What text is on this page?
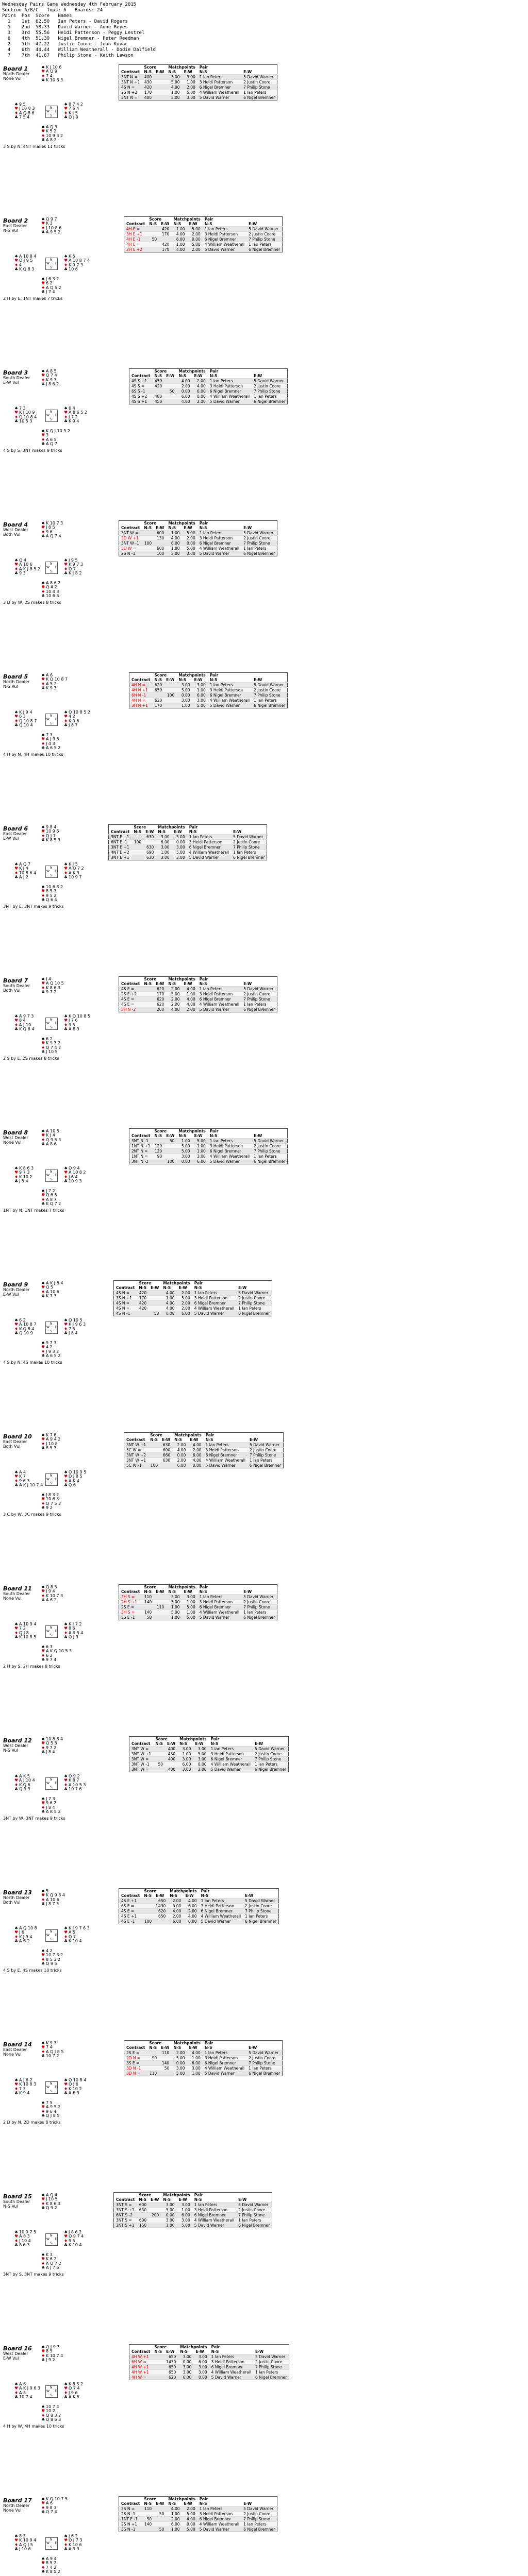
Wednesday Pairs Game Wednesday 4th February 2015
Section A/B/C   Tops: 6   Boards: 24
Pairs  Pos  Score   Names
1    1st  62.50   Ian Peters - David Rogers
5    2nd  58.33   David Warner - Anne Reyes
3    3rd  55.56   Heidi Patterson - Peggy Lestrel
6    4th  51.39   Nigel Bremner - Peter Reedman
2    5th  47.22   Justin Coore - Jean Kovac
4    6th  44.44   William Weatherall - Dodie Dalfield
7    7th  41.67   Philip Stone - Keith Lawson
Board 1
North Dealer
None Vul
♠ K J 10 6
♥ A Q 9
♦ 7 4
♣ K 10 6 3
♠ 9 5
♥ J 10 8 3
♦ A Q 8 6
♣ 7 5 4
♠ 8 7 4 2
♥ 7 6 4
♦ K J 5
♣ Q J 9
♠ A Q 3
♥ K 5 2
♦ 10 9 3 2
♣ A 8 2
N
W E
S
3 S by N, 4NT makes 11 tricks
	Score		Matchpoints		Pair	
Contract	N-S	E-W	N-S	E-W	N-S	E-W
3NT N =	400		3.00	3.00	1 Ian Peters	5 David Warner
3NT N +1	430		5.00	1.00	3 Heidi Patterson	2 Justin Coore
4S N =	420		4.00	2.00	6 Nigel Bremner	7 Philip Stone
2S N +2	170		1.00	5.00	4 William Weatherall	1 Ian Peters
3NT N =	400		3.00	3.00	5 David Warner	6 Nigel Bremner
Board 2
East Dealer
N-S Vul
♠ Q 9 7
♥ K 3
♦ J 10 8 6
♣ A 9 5 2
♠ A 10 8 4
♥ Q J 9 5
♦ 4
♣ K Q 8 3
♠ K 5
♥ A 10 8 7 4
♦ K 9 7 3
♣ 10 6
♠ J 6 3 2
♥ 6 2
♦ A Q 5 2
♣ J 7 4
N
W E
S
2 H by E, 1NT makes 7 tricks
	Score		Matchpoints		Pair	
Contract	N-S	E-W	N-S	E-W	N-S	E-W
4H E =		420	1.00	5.00	1 Ian Peters	5 David Warner
3H E +1		170	4.00	2.00	3 Heidi Patterson	2 Justin Coore
4H E -1	50		6.00	0.00	6 Nigel Bremner	7 Philip Stone
4H E =		420	1.00	5.00	4 William Weatherall	1 Ian Peters
2H E +2		170	4.00	2.00	5 David Warner	6 Nigel Bremner
Board 3
South Dealer
E-W Vul
♠ A 8 5
♥ Q 7 4
♦ K 9 3
♣ J 8 6 2
♠ 7 3
♥ K J 10 9
♦ Q 10 8 4
♣ 10 5 3
♠ 6 4
♥ A 8 6 5 2
♦ J 7 2
♣ K 9 4
♠ K Q J 10 9 2
♥ 3
♦ A 6 5
♣ A Q 7
N
W E
S
4 S by S, 3NT makes 9 tricks
	Score		Matchpoints		Pair	
Contract	N-S	E-W	N-S	E-W	N-S	E-W
4S S +1	450		4.00	2.00	1 Ian Peters	5 David Warner
4S S =	420		2.00	4.00	3 Heidi Patterson	2 Justin Coore
6S S -1		50	0.00	6.00	6 Nigel Bremner	7 Philip Stone
4S S +2	480		6.00	0.00	4 William Weatherall	1 Ian Peters
4S S +1	450		4.00	2.00	5 David Warner	6 Nigel Bremner
Board 4
West Dealer
Both Vul
♠ K 10 7 3
♥ J 8 5
♦ 9 6
♣ A Q 7 4
♠ Q 4
♥ A 10 6
♦ A K J 8 5 2
♣ 9 3
♠ J 9 5
♥ K 9 7 3
♦ Q 7
♣ K J 8 2
♠ A 8 6 2
♥ Q 4 2
♦ 10 4 3
♣ 10 6 5
N
W E
S
3 D by W, 2S makes 8 tricks
	Score		Matchpoints		Pair	
Contract	N-S	E-W	N-S	E-W	N-S	E-W
3NT W =		600	1.00	5.00	1 Ian Peters	5 David Warner
3D W +1		130	4.00	2.00	3 Heidi Patterson	2 Justin Coore
3NT W -1	100		6.00	0.00	6 Nigel Bremner	7 Philip Stone
5D W =		600	1.00	5.00	4 William Weatherall	1 Ian Peters
2S N -1		100	3.00	3.00	5 David Warner	6 Nigel Bremner
Board 5
North Dealer
N-S Vul
♠ A 6
♥ K Q 10 8 7
♦ A 5 2
♣ K 9 3
♠ K J 9 4
♥ 6 3
♦ Q 10 8 7
♣ Q 10 4
♠ Q 10 8 5 2
♥ 4 2
♦ K 9 6
♣ J 8 7
♠ 7 3
♥ A J 9 5
♦ J 4 3
♣ A 6 5 2
N
W E
S
4 H by N, 4H makes 10 tricks
	Score		Matchpoints		Pair	
Contract	N-S	E-W	N-S	E-W	N-S	E-W
4H N =	620		3.00	3.00	1 Ian Peters	5 David Warner
4H N +1	650		5.00	1.00	3 Heidi Patterson	2 Justin Coore
6H N -1		100	0.00	6.00	6 Nigel Bremner	7 Philip Stone
4H N =	620		3.00	3.00	4 William Weatherall	1 Ian Peters
3H N +1	170		1.00	5.00	5 David Warner	6 Nigel Bremner
Board 6
East Dealer
E-W Vul
♠ 9 8 4
♥ 10 9 6
♦ Q J 7
♣ K 8 5 3
♠ A Q 7
♥ K J 4
♦ 10 8 6 4
♣ A J 2
♠ K J 5
♥ A Q 7 2
♦ A K 3
♣ 10 9 7
♠ 10 6 3 2
♥ 8 5 3
♦ 9 5 2
♣ Q 6 4
N
W E
S
3NT by E, 3NT makes 9 tricks
	Score		Matchpoints		Pair	
Contract	N-S	E-W	N-S	E-W	N-S	E-W
3NT E +1		630	3.00	3.00	1 Ian Peters	5 David Warner
6NT E -1	100		6.00	0.00	3 Heidi Patterson	2 Justin Coore
3NT E +1		630	3.00	3.00	6 Nigel Bremner	7 Philip Stone
4NT E +2		690	1.00	5.00	4 William Weatherall	1 Ian Peters
3NT E +1		630	3.00	3.00	5 David Warner	6 Nigel Bremner
Board 7
South Dealer
Both Vul
♠ J 4
♥ A Q 10 5
♦ K 8 6 3
♣ 9 7 2
♠ A 9 7 3
♥ 8 4
♦ A J 10
♣ K Q 6 4
♠ K Q 10 8 5
♥ J 7 6
♦ 9 5
♣ A 8 3
♠ 6 2
♥ K 9 3 2
♦ Q 7 4 2
♣ J 10 5
N
W E
S
2 S by E, 2S makes 8 tricks
	Score		Matchpoints		Pair	
Contract	N-S	E-W	N-S	E-W	N-S	E-W
4S E =		620	2.00	4.00	1 Ian Peters	5 David Warner
2S E +2		170	5.00	1.00	3 Heidi Patterson	2 Justin Coore
4S E =		620	2.00	4.00	6 Nigel Bremner	7 Philip Stone
4S E =		620	2.00	4.00	4 William Weatherall	1 Ian Peters
3H N -2		200	4.00	2.00	5 David Warner	6 Nigel Bremner
Board 8
West Dealer
None Vul
♠ A 10 5
♥ K J 4
♦ Q 9 5 3
♣ A 8 6
♠ K 8 6 3
♥ 9 7 3
♦ K 10 2
♣ J 5 4
♠ Q 9 4
♥ A 10 8 2
♦ J 6 4
♣ 10 9 3
♠ J 7 2
♥ Q 6 5
♦ A 8 7
♣ K Q 7 2
N
W E
S
1NT by N, 1NT makes 7 tricks
	Score		Matchpoints		Pair	
Contract	N-S	E-W	N-S	E-W	N-S	E-W
3NT N -1		50	1.00	5.00	1 Ian Peters	5 David Warner
1NT N +1	120		5.00	1.00	3 Heidi Patterson	2 Justin Coore
2NT N =	120		5.00	1.00	6 Nigel Bremner	7 Philip Stone
1NT N =	90		3.00	3.00	4 William Weatherall	1 Ian Peters
3NT N -2		100	0.00	6.00	5 David Warner	6 Nigel Bremner
Board 9
North Dealer
E-W Vul
♠ A K J 8 4
♥ Q 5
♦ A 10 6
♣ K 7 3
♠ 6 2
♥ A 10 8 7
♦ K Q 8 4
♣ Q 10 9
♠ Q 10 5
♥ K J 9 6 3
♦ 7 5
♣ J 8 4
♠ 9 7 3
♥ 4 2
♦ J 9 3 2
♣ A 6 5 2
N
W E
S
4 S by N, 4S makes 10 tricks
	Score		Matchpoints		Pair	
Contract	N-S	E-W	N-S	E-W	N-S	E-W
4S N =	420		4.00	2.00	1 Ian Peters	5 David Warner
3S N +1	170		1.00	5.00	3 Heidi Patterson	2 Justin Coore
4S N =	420		4.00	2.00	6 Nigel Bremner	7 Philip Stone
4S N =	420		4.00	2.00	4 William Weatherall	1 Ian Peters
4S N -1		50	0.00	6.00	5 David Warner	6 Nigel Bremner
Board 10
East Dealer
Both Vul
♠ K 7 6
♥ A 9 4 2
♦ J 10 8
♣ 8 5 3
♠ A 4
♥ K 7
♦ 9 6 3
♣ A K J 10 7 4
♠ Q 10 9 5
♥ Q J 8 5
♦ A K 4
♣ Q 6
♠ J 8 3 2
♥ 10 6 3
♦ Q 7 5 2
♣ 9 2
N
W E
S
3 C by W, 3C makes 9 tricks
	Score		Matchpoints		Pair	
Contract	N-S	E-W	N-S	E-W	N-S	E-W
3NT W +1		630	2.00	4.00	1 Ian Peters	5 David Warner
5C W =		600	4.00	2.00	3 Heidi Patterson	2 Justin Coore
3NT W +2		660	0.00	6.00	6 Nigel Bremner	7 Philip Stone
3NT W +1		630	2.00	4.00	4 William Weatherall	1 Ian Peters
5C W -1	100		6.00	0.00	5 David Warner	6 Nigel Bremner
Board 11
South Dealer
None Vul
♠ Q 8 5
♥ J 9 4
♦ K 10 7 3
♣ A 6 2
♠ A 10 9 4
♥ 7 2
♦ Q J 8
♣ K 10 8 5
♠ K J 7 2
♥ 8 6
♦ A 9 5 4
♣ Q J 3
♠ 6 3
♥ A K Q 10 5 3
♦ 6 2
♣ 9 7 4
N
W E
S
2 H by S, 2H makes 8 tricks
	Score		Matchpoints		Pair	
Contract	N-S	E-W	N-S	E-W	N-S	E-W
2H S =	110		3.00	3.00	1 Ian Peters	5 David Warner
2H S +1	140		5.00	1.00	3 Heidi Patterson	2 Justin Coore
2S E =		110	1.00	5.00	6 Nigel Bremner	7 Philip Stone
3H S =	140		5.00	1.00	4 William Weatherall	1 Ian Peters
3S E -1	50		1.00	5.00	5 David Warner	6 Nigel Bremner
Board 12
West Dealer
N-S Vul
♠ 10 8 6 4
♥ Q 5 3
♦ 9 7 2
♣ J 8 4
♠ A K 5
♥ A J 10 4
♦ K Q 6
♣ Q 9 3
♠ Q 9 2
♥ K 8 7
♦ A 10 5 3
♣ 10 7 6
♠ J 7 3
♥ 9 6 2
♦ J 8 4
♣ A K 5 2
N
W E
S
3NT by W, 3NT makes 9 tricks
	Score		Matchpoints		Pair	
Contract	N-S	E-W	N-S	E-W	N-S	E-W
3NT W =		400	3.00	3.00	1 Ian Peters	5 David Warner
3NT W +1		430	1.00	5.00	3 Heidi Patterson	2 Justin Coore
3NT W =		400	3.00	3.00	6 Nigel Bremner	7 Philip Stone
3NT W -1	50		6.00	0.00	4 William Weatherall	1 Ian Peters
3NT W =		400	3.00	3.00	5 David Warner	6 Nigel Bremner
Board 13
North Dealer
Both Vul
♠ 5
♥ K Q 9 8 4
♦ A 10 6
♣ J 8 7 3
♠ A Q 10 8
♥ J 6
♦ K J 9 4
♣ A 6 2
♠ K J 9 7 6 3
♥ A 5
♦ Q 7
♣ K 10 4
♠ 4 2
♥ 10 7 3 2
♦ 8 5 3 2
♣ Q 9 5
N
W E
S
4 S by E, 4S makes 10 tricks
	Score		Matchpoints		Pair	
Contract	N-S	E-W	N-S	E-W	N-S	E-W
4S E +1		650	2.00	4.00	1 Ian Peters	5 David Warner
6S E =		1430	0.00	6.00	3 Heidi Patterson	2 Justin Coore
4S E =		620	4.00	2.00	6 Nigel Bremner	7 Philip Stone
4S E +1		650	2.00	4.00	4 William Weatherall	1 Ian Peters
4S E -1	100		6.00	0.00	5 David Warner	6 Nigel Bremner
Board 14
East Dealer
None Vul
♠ K 9 3
♥ 7 4
♦ A Q J 8 5
♣ 10 7 2
♠ A J 6 2
♥ K 10 8 3
♦ 7 3
♣ K 9 4
♠ Q 10 8 4
♥ Q J 6
♦ K 10 2
♣ A 6 3
♠ 7 5
♥ A 9 5 2
♦ 9 6 4
♣ Q J 8 5
N
W E
S
2 D by N, 2D makes 8 tricks
	Score		Matchpoints		Pair	
Contract	N-S	E-W	N-S	E-W	N-S	E-W
2S E =		110	2.00	4.00	1 Ian Peters	5 David Warner
2D N =	90		5.00	1.00	3 Heidi Patterson	2 Justin Coore
3S E =		140	0.00	6.00	6 Nigel Bremner	7 Philip Stone
3D N -1		50	3.00	3.00	4 William Weatherall	1 Ian Peters
3D N =	110		5.00	1.00	5 David Warner	6 Nigel Bremner
Board 15
South Dealer
N-S Vul
♠ A Q 4
♥ J 10 5
♦ K 8 6 3
♣ Q 9 2
♠ 10 9 7 5
♥ A 8 3
♦ J 10 4
♣ 8 6 3
♠ J 8 6 2
♥ Q 9 7 4
♦ 9 5
♣ K 10 4
♠ K 3
♥ K 6 2
♦ A Q 7 2
♣ A J 7 5
N
W E
S
3NT by S, 3NT makes 9 tricks
	Score		Matchpoints		Pair	
Contract	N-S	E-W	N-S	E-W	N-S	E-W
3NT S =	600		3.00	3.00	1 Ian Peters	5 David Warner
3NT S +1	630		5.00	1.00	3 Heidi Patterson	2 Justin Coore
6NT S -2		200	0.00	6.00	6 Nigel Bremner	7 Philip Stone
3NT S =	600		3.00	3.00	4 William Weatherall	1 Ian Peters
2NT S +1	150		1.00	5.00	5 David Warner	6 Nigel Bremner
Board 16
West Dealer
E-W Vul
♠ Q J 9 3
♥ 8 5
♦ K 10 7 4
♣ J 9 2
♠ A 6
♥ A K J 9 6 3
♦ A 5
♣ 10 7 4
♠ K 8 5 2
♥ Q 7 4
♦ J 9 6
♣ A K 5
♠ 10 7 4
♥ 10 2
♦ Q 8 3 2
♣ Q 8 6 3
N
W E
S
4 H by W, 4H makes 10 tricks
	Score		Matchpoints		Pair	
Contract	N-S	E-W	N-S	E-W	N-S	E-W
4H W +1		650	3.00	3.00	1 Ian Peters	5 David Warner
6H W =		1430	0.00	6.00	3 Heidi Patterson	2 Justin Coore
4H W +1		650	3.00	3.00	6 Nigel Bremner	7 Philip Stone
4H W +1		650	3.00	3.00	4 William Weatherall	1 Ian Peters
4H W =		620	6.00	0.00	5 David Warner	6 Nigel Bremner
Board 17
North Dealer
None Vul
♠ K Q 10 7 5
♥ A 6
♦ 9 8 3
♣ Q 7 4
♠ 8 3
♥ K 10 9 4
♦ A Q J 5
♣ J 10 6
♠ J 6 2
♥ Q J 7 3
♦ K 10 6
♣ A 9 3
♠ A 9 4
♥ 8 5 2
♦ 7 4 2
♣ K 8 5 2
N
W E
S
	Score		Matchpoints		Pair	
Contract	N-S	E-W	N-S	E-W	N-S	E-W
2S N =	110		4.00	2.00	1 Ian Peters	5 David Warner
2S N -1		50	1.00	5.00	3 Heidi Patterson	2 Justin Coore
1NT E -1	50		2.00	4.00	6 Nigel Bremner	7 Philip Stone
2S N +1	140		6.00	0.00	4 William Weatherall	1 Ian Peters
3S N -1		50	1.00	5.00	5 David Warner	6 Nigel Bremner
